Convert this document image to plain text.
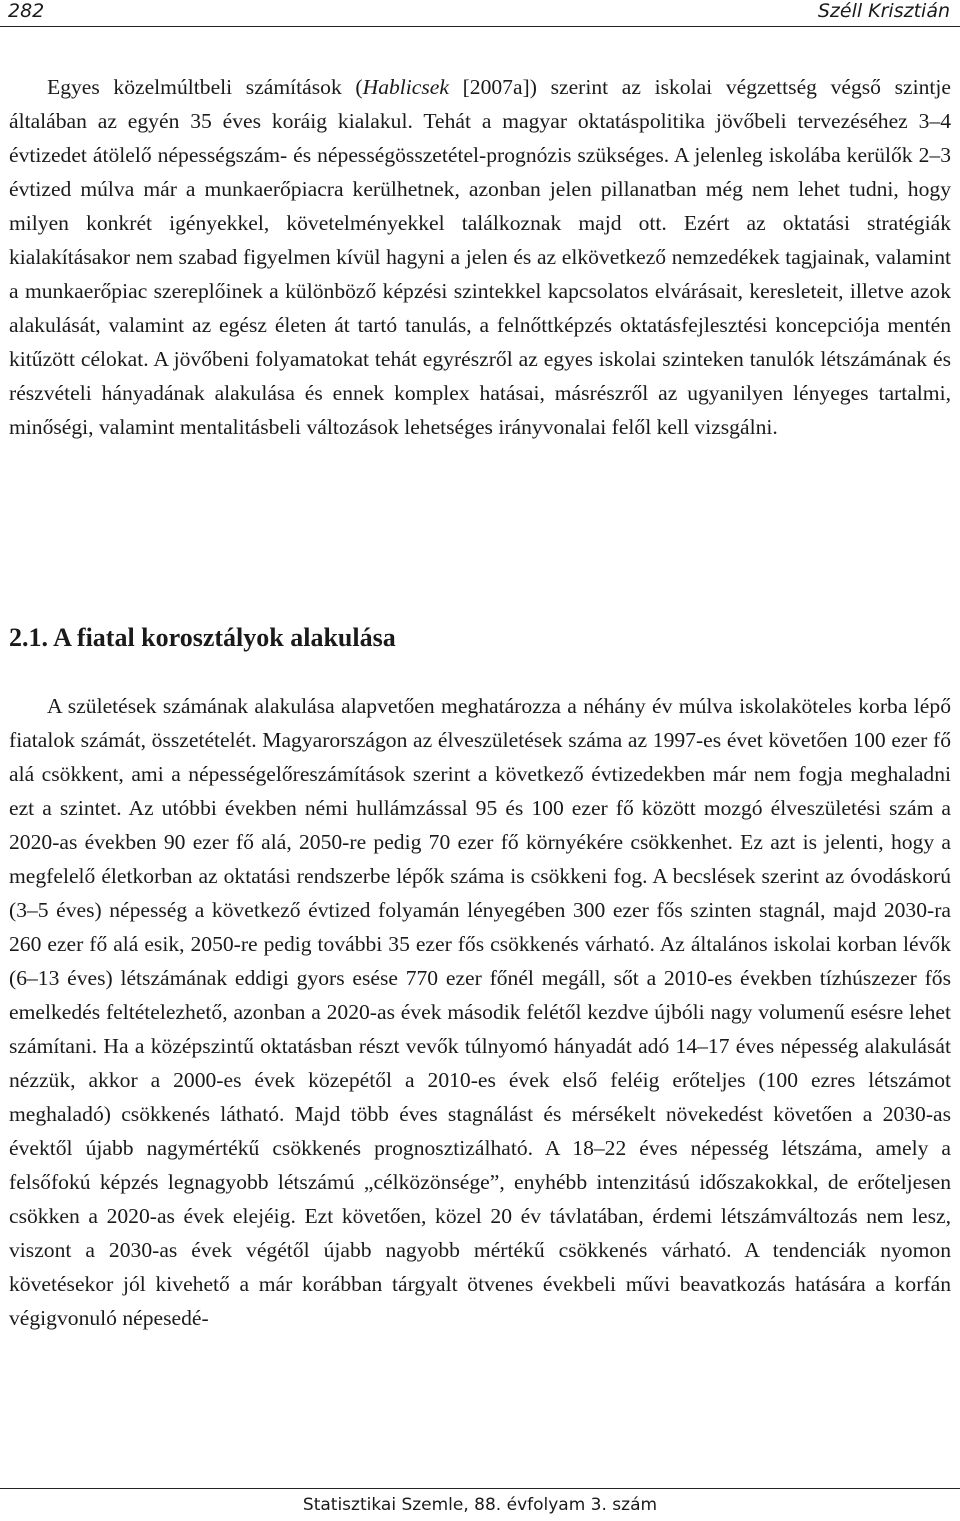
282	Széll Krisztián

Egyes közelmúltbeli számítások (Hablicsek [2007a]) szerint az iskolai végzettség végső szintje általában az egyén 35 éves koráig kialakul. Tehát a magyar oktatáspolitika jövőbeli tervezéséhez 3–4 évtizedet átölelő népességszám- és népességösszetétel-prognózis szükséges. A jelenleg iskolába kerülők 2–3 évtized múlva már a munkaerőpiacra kerülhetnek, azonban jelen pillanatban még nem lehet tudni, hogy milyen konkrét igényekkel, követelményekkel találkoznak majd ott. Ezért az oktatási stratégiák kialakításakor nem szabad figyelmen kívül hagyni a jelen és az elkövetkező nemzedékek tagjainak, valamint a munkaerőpiac szereplőinek a különböző képzési szintekkel kapcsolatos elvárásait, keresleteit, illetve azok alakulását, valamint az egész életen át tartó tanulás, a felnőttképzés oktatásfejlesztési koncepciója mentén kitűzött célokat. A jövőbeni folyamatokat tehát egyrészről az egyes iskolai szinteken tanulók létszámának és részvételi hányadának alakulása és ennek komplex hatásai, másrészről az ugyanilyen lényeges tartalmi, minőségi, valamint mentalitásbeli változások lehetséges irányvonalai felől kell vizsgálni.

2.1. A fiatal korosztályok alakulása

A születések számának alakulása alapvetően meghatározza a néhány év múlva iskolaköteles korba lépő fiatalok számát, összetételét. Magyarországon az élveszületések száma az 1997-es évet követően 100 ezer fő alá csökkent, ami a népességelőreszámítások szerint a következő évtizedekben már nem fogja meghaladni ezt a szintet. Az utóbbi években némi hullámzással 95 és 100 ezer fő között mozgó élveszületési szám a 2020-as években 90 ezer fő alá, 2050-re pedig 70 ezer fő környékére csökkenhet. Ez azt is jelenti, hogy a megfelelő életkorban az oktatási rendszerbe lépők száma is csökkeni fog. A becslések szerint az óvodáskorú (3–5 éves) népesség a következő évtized folyamán lényegében 300 ezer fős szinten stagnál, majd 2030-ra 260 ezer fő alá esik, 2050-re pedig további 35 ezer fős csökkenés várható. Az általános iskolai korban lévők (6–13 éves) létszámának eddigi gyors esése 770 ezer főnél megáll, sőt a 2010-es években tízhúszezer fős emelkedés feltételezhető, azonban a 2020-as évek második felétől kezdve újbóli nagy volumenű esésre lehet számítani. Ha a középszintű oktatásban részt vevők túlnyomó hányadát adó 14–17 éves népesség alakulását nézzük, akkor a 2000-es évek közepétől a 2010-es évek első feléig erőteljes (100 ezres létszámot meghaladó) csökkenés látható. Majd több éves stagnálást és mérsékelt növekedést követően a 2030-as évektől újabb nagymértékű csökkenés prognosztizálható. A 18–22 éves népesség létszáma, amely a felsőfokú képzés legnagyobb létszámú „célközönsége”, enyhébb intenzitású időszakokkal, de erőteljesen csökken a 2020-as évek elejéig. Ezt követően, közel 20 év távlatában, érdemi létszámváltozás nem lesz, viszont a 2030-as évek végétől újabb nagyobb mértékű csökkenés várható. A tendenciák nyomon követésekor jól kivehető a már korábban tárgyalt ötvenes évekbeli művi beavatkozás hatására a korfán végigvonuló népesedé-

Statisztikai Szemle, 88. évfolyam 3. szám
